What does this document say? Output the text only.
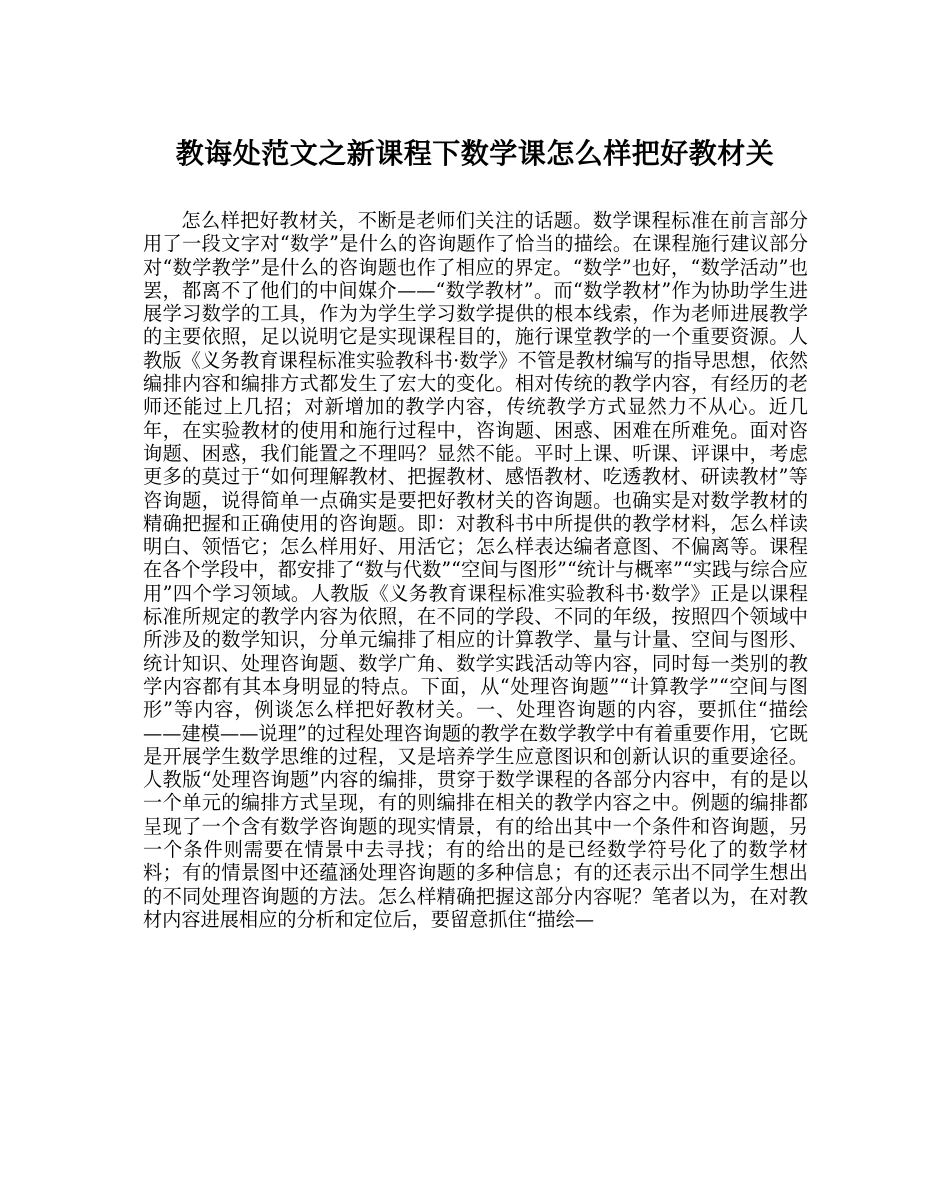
教诲处范文之新课程下数学课怎么样把好教材关

怎么样把好教材关，不断是老师们关注的话题。数学课程标准在前言部分用了一段文字对“数学”是什么的咨询题作了恰当的描绘。在课程施行建议部分对“数学教学”是什么的咨询题也作了相应的界定。“数学”也好，“数学活动”也罢，都离不了他们的中间媒介——“数学教材”。而“数学教材”作为协助学生进展学习数学的工具，作为为学生学习数学提供的根本线索，作为老师进展教学的主要依照，足以说明它是实现课程目的，施行课堂教学的一个重要资源。人教版《义务教育课程标准实验教科书·数学》不管是教材编写的指导思想，依然编排内容和编排方式都发生了宏大的变化。相对传统的教学内容，有经历的老师还能过上几招；对新增加的教学内容，传统教学方式显然力不从心。近几年，在实验教材的使用和施行过程中，咨询题、困惑、困难在所难免。面对咨询题、困惑，我们能置之不理吗？显然不能。平时上课、听课、评课中，考虑更多的莫过于“如何理解教材、把握教材、感悟教材、吃透教材、研读教材”等咨询题，说得简单一点确实是要把好教材关的咨询题。也确实是对数学教材的精确把握和正确使用的咨询题。即：对教科书中所提供的教学材料，怎么样读明白、领悟它；怎么样用好、用活它；怎么样表达编者意图、不偏离等。课程在各个学段中，都安排了“数与代数”“空间与图形”“统计与概率”“实践与综合应用”四个学习领域。人教版《义务教育课程标准实验教科书·数学》正是以课程标准所规定的教学内容为依照，在不同的学段、不同的年级，按照四个领域中所涉及的数学知识，分单元编排了相应的计算教学、量与计量、空间与图形、统计知识、处理咨询题、数学广角、数学实践活动等内容，同时每一类别的教学内容都有其本身明显的特点。下面，从“处理咨询题”“计算教学”“空间与图形”等内容，例谈怎么样把好教材关。一、处理咨询题的内容，要抓住“描绘——建模——说理”的过程处理咨询题的教学在数学教学中有着重要作用，它既是开展学生数学思维的过程，又是培养学生应意图识和创新认识的重要途径。人教版“处理咨询题”内容的编排，贯穿于数学课程的各部分内容中，有的是以一个单元的编排方式呈现，有的则编排在相关的教学内容之中。例题的编排都呈现了一个含有数学咨询题的现实情景，有的给出其中一个条件和咨询题，另一个条件则需要在情景中去寻找；有的给出的是已经数学符号化了的数学材料；有的情景图中还蕴涵处理咨询题的多种信息；有的还表示出不同学生想出的不同处理咨询题的方法。怎么样精确把握这部分内容呢？笔者以为，在对教材内容进展相应的分析和定位后，要留意抓住“描绘—
